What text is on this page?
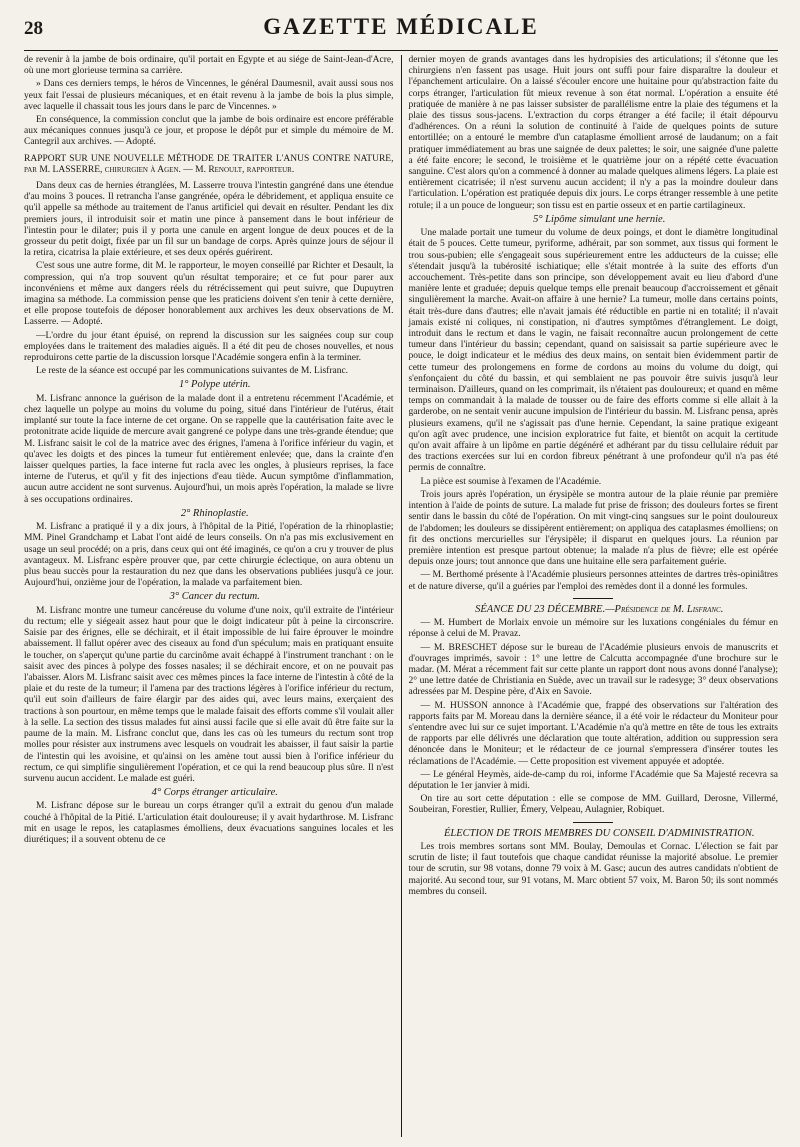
28	GAZETTE MÉDICALE

de revenir à la jambe de bois ordinaire, qu'il portait en Egypte et au siége de Saint-Jean-d'Acre, où une mort glorieuse termina sa carrière.

» Dans ces derniers temps, le héros de Vincennes, le général Daumesnil, avait aussi sous nos yeux fait l'essai de plusieurs mécaniques, et en était revenu à la jambe de bois la plus simple, avec laquelle il chassait tous les jours dans le parc de Vincennes. »

En conséquence, la commission conclut que la jambe de bois ordinaire est encore préférable aux mécaniques connues jusqu'à ce jour, et propose le dépôt pur et simple du mémoire de M. Cantegril aux archives. — Adopté.

RAPPORT SUR UNE NOUVELLE MÉTHODE DE TRAITER L'ANUS CONTRE NATURE, par M. LASSERRE, chirurgien à Agen. — M. Renoult, rapporteur.

Dans deux cas de hernies étranglées, M. Lasserre trouva l'intestin gangréné dans une étendue d'au moins 3 pouces. Il retrancha l'anse gangrénée, opéra le débridement, et appliqua ensuite ce qu'il appelle sa méthode au traitement de l'anus artificiel qui devait en résulter. Pendant les dix premiers jours, il introduisit soir et matin une pince à pansement dans le bout inférieur de l'intestin pour le dilater; puis il y porta une canule en argent longue de deux pouces et de la grosseur du petit doigt, fixée par un fil sur un bandage de corps. Après quinze jours de séjour il la retira, cicatrisa la plaie extérieure, et ses deux opérés guérirent.

C'est sous une autre forme, dit M. le rapporteur, le moyen conseillé par Richter et Desault, la compression, qui n'a trop souvent qu'un résultat temporaire; et ce fut pour parer aux inconvéniens et même aux dangers réels du rétrécissement qui peut suivre, que Dupuytren imagina sa méthode. La commission pense que les praticiens doivent s'en tenir à cette dernière, et elle propose toutefois de déposer honorablement aux archives les deux observations de M. Lasserre. — Adopté.

—L'ordre du jour étant épuisé, on reprend la discussion sur les saignées coup sur coup employées dans le traitement des maladies aiguës. Il a été dit peu de choses nouvelles, et nous reproduirons cette partie de la discussion lorsque l'Académie songera enfin à la terminer.

Le reste de la séance est occupé par les communications suivantes de M. Lisfranc.

1° Polype utérin.

M. Lisfranc annonce la guérison de la malade dont il a entretenu récemment l'Académie, et chez laquelle un polype au moins du volume du poing, situé dans l'intérieur de l'utérus, était implanté sur toute la face interne de cet organe. On se rappelle que la cautérisation faite avec le protonitrate acide liquide de mercure avait gangrené ce polype dans une très-grande étendue; que M. Lisfranc saisit le col de la matrice avec des érignes, l'amena à l'orifice inférieur du vagin, et qu'avec les doigts et des pinces la tumeur fut entièrement enlevée; que, dans la crainte d'en laisser quelques parties, la face interne fut racla avec les ongles, à plusieurs reprises, la face interne de l'uterus, et qu'il y fit des injections d'eau tiède. Aucun symptôme d'inflammation, aucun autre accident ne sont survenus. Aujourd'hui, un mois après l'opération, la malade se livre à ses occupations ordinaires.

2° Rhinoplastie.

M. Lisfranc a pratiqué il y a dix jours, à l'hôpital de la Pitié, l'opération de la rhinoplastie; MM. Pinel Grandchamp et Labat l'ont aidé de leurs conseils. On n'a pas mis exclusivement en usage un seul procédé; on a pris, dans ceux qui ont été imaginés, ce qu'on a cru y trouver de plus avantageux. M. Lisfranc espère prouver que, par cette chirurgie éclectique, on aura obtenu un plus beau succès pour la restauration du nez que dans les observations publiées jusqu'à ce jour. Aujourd'hui, onzième jour de l'opération, la malade va parfaitement bien.

3° Cancer du rectum.

M. Lisfranc montre une tumeur cancéreuse du volume d'une noix, qu'il extraite de l'intérieur du rectum; elle y siégeait assez haut pour que le doigt indicateur pût à peine la circonscrire. Saisie par des érignes, elle se déchirait, et il était impossible de lui faire éprouver le moindre abaissement. Il fallut opérer avec des ciseaux au fond d'un spéculum; mais en pratiquant ensuite le toucher, on s'aperçut qu'une partie du carcinôme avait échappé à l'instrument tranchant : on le saisit avec des pinces à polype des fosses nasales; il se déchirait encore, et on ne pouvait pas l'abaisser. Alors M. Lisfranc saisit avec ces mêmes pinces la face interne de l'intestin à côté de la plaie et du reste de la tumeur; il l'amena par des tractions légères à l'orifice inférieur du rectum, qu'il eut soin d'ailleurs de faire élargir par des aides qui, avec leurs mains, exerçaient des tractions à son pourtour, en même temps que le malade faisait des efforts comme s'il voulait aller à la selle. La section des tissus malades fut ainsi aussi facile que si elle avait dû être faite sur la paume de la main. M. Lisfranc conclut que, dans les cas où les tumeurs du rectum sont trop molles pour résister aux instrumens avec lesquels on voudrait les abaisser, il faut saisir la partie de l'intestin qui les avoisine, et qu'ainsi on les amène tout aussi bien à l'orifice inférieur du rectum, ce qui simplifie singulièrement l'opération, et ce qui la rend beaucoup plus sûre. Il n'est survenu aucun accident. Le malade est guéri.

4° Corps étranger articulaire.

M. Lisfranc dépose sur le bureau un corps étranger qu'il a extrait du genou d'un malade couché à l'hôpital de la Pitié. L'articulation était douloureuse; il y avait hydarthrose. M. Lisfranc mit en usage le repos, les cataplasmes émolliens, deux évacuations sanguines locales et les diurétiques; il a souvent obtenu de ce

dernier moyen de grands avantages dans les hydropisies des articulations; il s'étonne que les chirurgiens n'en fassent pas usage. Huit jours ont suffi pour faire disparaître la douleur et l'épanchement articulaire. On a laissé s'écouler encore une huitaine pour qu'abstraction faite du corps étranger, l'articulation fût mieux revenue à son état normal. L'opération a ensuite été pratiquée de manière à ne pas laisser subsister de parallélisme entre la plaie des tégumens et la plaie des tissus sous-jacens. L'extraction du corps étranger a été facile; il était dépourvu d'adhérences. On a réuni la solution de continuité à l'aide de quelques points de suture entortillée; on a entouré le membre d'un cataplasme émollient arrosé de laudanum; on a fait pratiquer immédiatement au bras une saignée de deux palettes; le soir, une saignée d'une palette a été faite encore; le second, le troisième et le quatrième jour on a répété cette évacuation sanguine. C'est alors qu'on a commencé à donner au malade quelques alimens légers. La plaie est entièrement cicatrisée; il n'est survenu aucun accident; il n'y a pas la moindre douleur dans l'articulation. L'opération est pratiquée depuis dix jours. Le corps étranger ressemble à une petite rotule; il a un pouce de longueur; son tissu est en partie osseux et en partie cartilagineux.

5° Lipôme simulant une hernie.

Une malade portait une tumeur du volume de deux poings, et dont le diamètre longitudinal était de 5 pouces. Cette tumeur, pyriforme, adhérait, par son sommet, aux tissus qui forment le trou sous-pubien; elle s'engageait sous supérieurement entre les adducteurs de la cuisse; elle s'étendait jusqu'à la tubérosité ischiatique; elle s'était montrée à la suite des efforts d'un accouchement. Très-petite dans son principe, son développement avait eu lieu d'abord d'une manière lente et graduée; depuis quelque temps elle prenait beaucoup d'accroissement et gênait singulièrement la marche. Avait-on affaire à une hernie? La tumeur, molle dans certains points, était très-dure dans d'autres; elle n'avait jamais été réductible en partie ni en totalité; il n'avait jamais existé ni coliques, ni constipation, ni d'autres symptômes d'étranglement. Le doigt, introduit dans le rectum et dans le vagin, ne faisait reconnaître aucun prolongement de cette tumeur dans l'intérieur du bassin; cependant, quand on saisissait sa partie supérieure avec le pouce, le doigt indicateur et le médius des deux mains, on sentait bien évidemment partir de cette tumeur des prolongemens en forme de cordons au moins du volume du doigt, qui s'enfonçaient du côté du bassin, et qui semblaient ne pas pouvoir être suivis jusqu'à leur terminaison. D'ailleurs, quand on les comprimait, ils n'étaient pas douloureux; et quand en même temps on commandait à la malade de tousser ou de faire des efforts comme si elle allait à la garderobe, on ne sentait venir aucune impulsion de l'intérieur du bassin. M. Lisfranc pensa, après plusieurs examens, qu'il ne s'agissait pas d'une hernie. Cependant, la saine pratique exigeant qu'on agît avec prudence, une incision exploratrice fut faite, et bientôt on acquit la certitude qu'on avait affaire à un lipôme en partie dégénéré et adhérant par du tissu cellulaire réduit par des tractions exercées sur lui en cordon fibreux pénétrant à une profondeur qu'il n'a pas été permis de connaître.

La pièce est soumise à l'examen de l'Académie.

Trois jours après l'opération, un érysipèle se montra autour de la plaie réunie par première intention à l'aide de points de suture. La malade fut prise de frisson; des douleurs fortes se firent sentir dans le bassin du côté de l'opération. On mit vingt-cinq sangsues sur le point douloureux de l'abdomen; les douleurs se dissipèrent entièrement; on appliqua des cataplasmes émolliens; on fit des onctions mercurielles sur l'érysipèle; il disparut en quelques jours. La réunion par première intention est presque partout obtenue; la malade n'a plus de fièvre; elle est opérée depuis onze jours; tout annonce que dans une huitaine elle sera parfaitement guérie.

— M. Berthomé présente à l'Académie plusieurs personnes atteintes de dartres très-opiniâtres et de nature diverse, qu'il a guéries par l'emploi des remèdes dont il a donné les formules.

SÉANCE DU 23 DÉCEMBRE.—Présidence de M. Lisfranc.

— M. Humbert de Morlaix envoie un mémoire sur les luxations congéniales du fémur en réponse à celui de M. Pravaz.

— M. BRESCHET dépose sur le bureau de l'Académie plusieurs envois de manuscrits et d'ouvrages imprimés, savoir : 1° une lettre de Calcutta accompagnée d'une brochure sur le madar. (M. Mérat a récemment fait sur cette plante un rapport dont nous avons donné l'analyse); 2° une lettre datée de Christiania en Suède, avec un travail sur le radesyge; 3° deux observations adressées par M. Despine père, d'Aix en Savoie.

— M. HUSSON annonce à l'Académie que, frappé des observations sur l'altération des rapports faits par M. Moreau dans la dernière séance, il a été voir le rédacteur du Moniteur pour s'entendre avec lui sur ce sujet important. L'Académie n'a qu'à mettre en tête de tous les extraits de rapports par elle délivrés une déclaration que toute altération, addition ou suppression sera dénoncée dans le Moniteur; et le rédacteur de ce journal s'empressera d'insérer toutes les réclamations de l'Académie. — Cette proposition est vivement appuyée et adoptée.

— Le général Heymès, aide-de-camp du roi, informe l'Académie que Sa Majesté recevra sa députation le 1er janvier à midi.

On tire au sort cette députation : elle se compose de MM. Guillard, Derosne, Villermé, Soubeiran, Forestier, Rullier, Émery, Velpeau, Aulagnier, Robiquet.

ÉLECTION DE TROIS MEMBRES DU CONSEIL D'ADMINISTRATION.

Les trois membres sortans sont MM. Boulay, Demoulas et Cornac. L'élection se fait par scrutin de liste; il faut toutefois que chaque candidat réunisse la majorité absolue. Le premier tour de scrutin, sur 98 votans, donne 79 voix à M. Gasc; aucun des autres candidats n'obtient de majorité. Au second tour, sur 91 votans, M. Marc obtient 57 voix, M. Baron 50; ils sont nommés membres du conseil.
